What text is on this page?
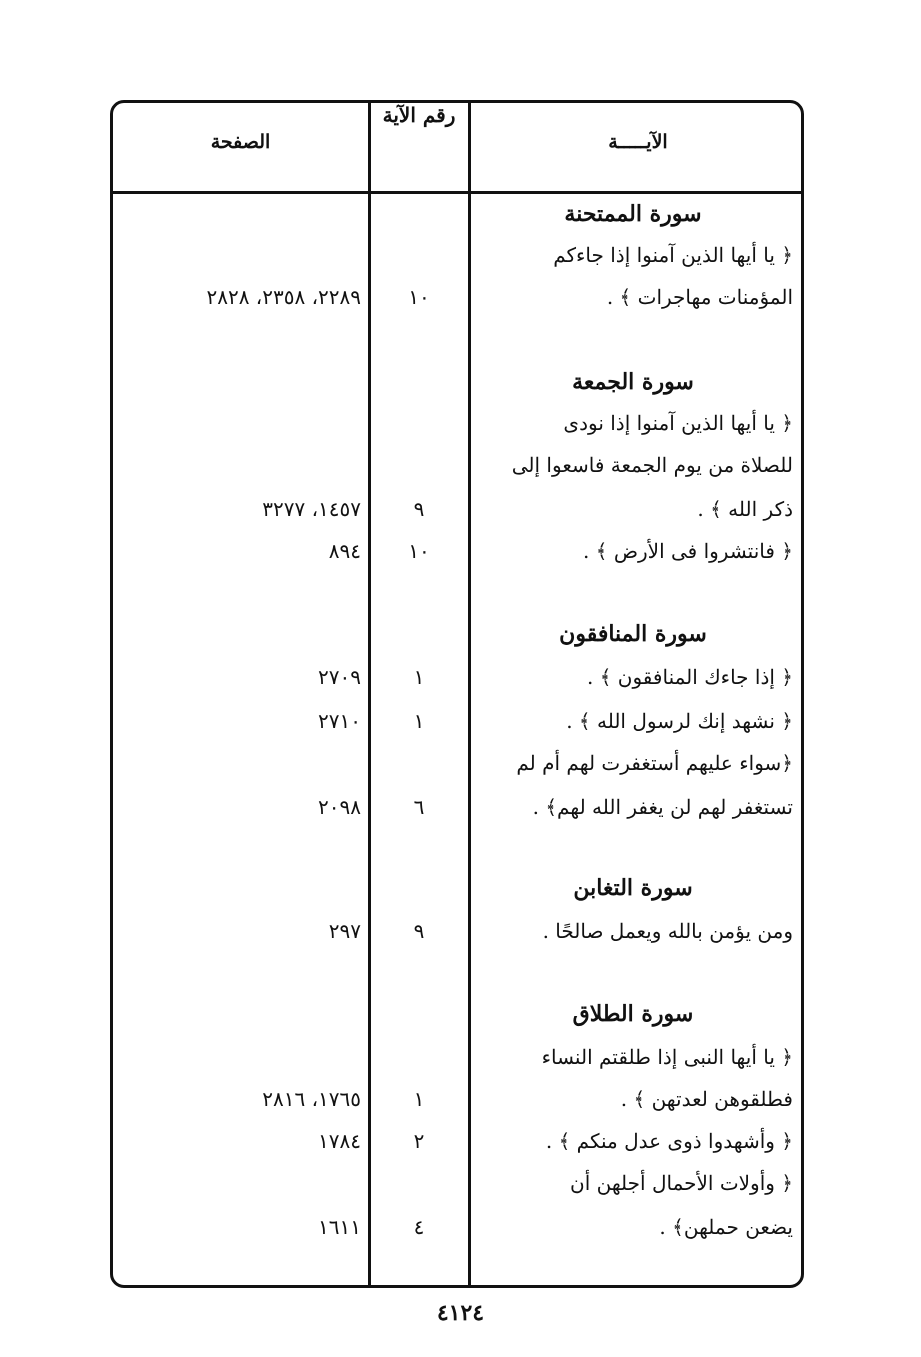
الآيـــــة
رقم الآية
الصفحة
سورة الممتحنة
﴿ يا أيها الذين آمنوا إذا جاءكم
المؤمنات مهاجرات ﴾ .
١٠
٢٢٨٩، ٢٣٥٨، ٢٨٢٨
سورة الجمعة
﴿ يا أيها الذين آمنوا إذا نودى
للصلاة من يوم الجمعة فاسعوا إلى
ذكر الله ﴾ .
٩
١٤٥٧، ٣٢٧٧
﴿ فانتشروا فى الأرض ﴾ .
١٠
٨٩٤
سورة المنافقون
﴿ إذا جاءك المنافقون ﴾ .
١
٢٧٠٩
﴿ نشهد إنك لرسول الله ﴾ .
١
٢٧١٠
﴿سواء عليهم أستغفرت لهم أم لم
تستغفر لهم لن يغفر الله لهم﴾ .
٦
٢٠٩٨
سورة التغابن
ومن يؤمن بالله ويعمل صالحًا .
٩
٢٩٧
سورة الطلاق
﴿ يا أيها النبى إذا طلقتم النساء
فطلقوهن لعدتهن ﴾ .
١
١٧٦٥، ٢٨١٦
﴿ وأشهدوا ذوى عدل منكم ﴾ .
٢
١٧٨٤
﴿ وأولات الأحمال أجلهن أن
يضعن حملهن﴾ .
٤
١٦١١
٤١٢٤
